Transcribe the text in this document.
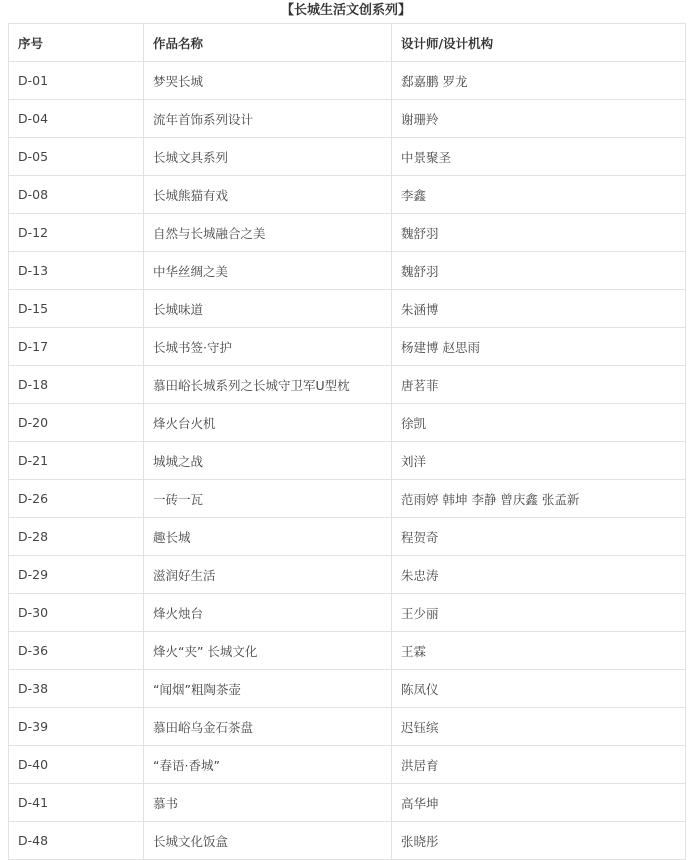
【长城生活文创系列】
序号	作品名称	设计师/设计机构
D-01	梦哭长城	郄嘉鹏 罗龙
D-04	流年首饰系列设计	谢珊羚
D-05	长城文具系列	中景聚圣
D-08	长城熊猫有戏	李鑫
D-12	自然与长城融合之美	魏舒羽
D-13	中华丝绸之美	魏舒羽
D-15	长城味道	朱涵博
D-17	长城书签·守护	杨建博 赵思雨
D-18	慕田峪长城系列之长城守卫军U型枕	唐茗菲
D-20	烽火台火机	徐凯
D-21	城城之战	刘洋
D-26	一砖一瓦	范雨婷 韩坤 李静 曾庆鑫 张孟新
D-28	趣长城	程贺奇
D-29	滋润好生活	朱忠涛
D-30	烽火烛台	王少丽
D-36	烽火“夹” 长城文化	王霖
D-38	“闻烟”粗陶茶壶	陈凤仪
D-39	慕田峪乌金石茶盘	迟钰缤
D-40	“春语·香城”	洪居育
D-41	慕书	高华坤
D-48	长城文化饭盒	张晓彤
